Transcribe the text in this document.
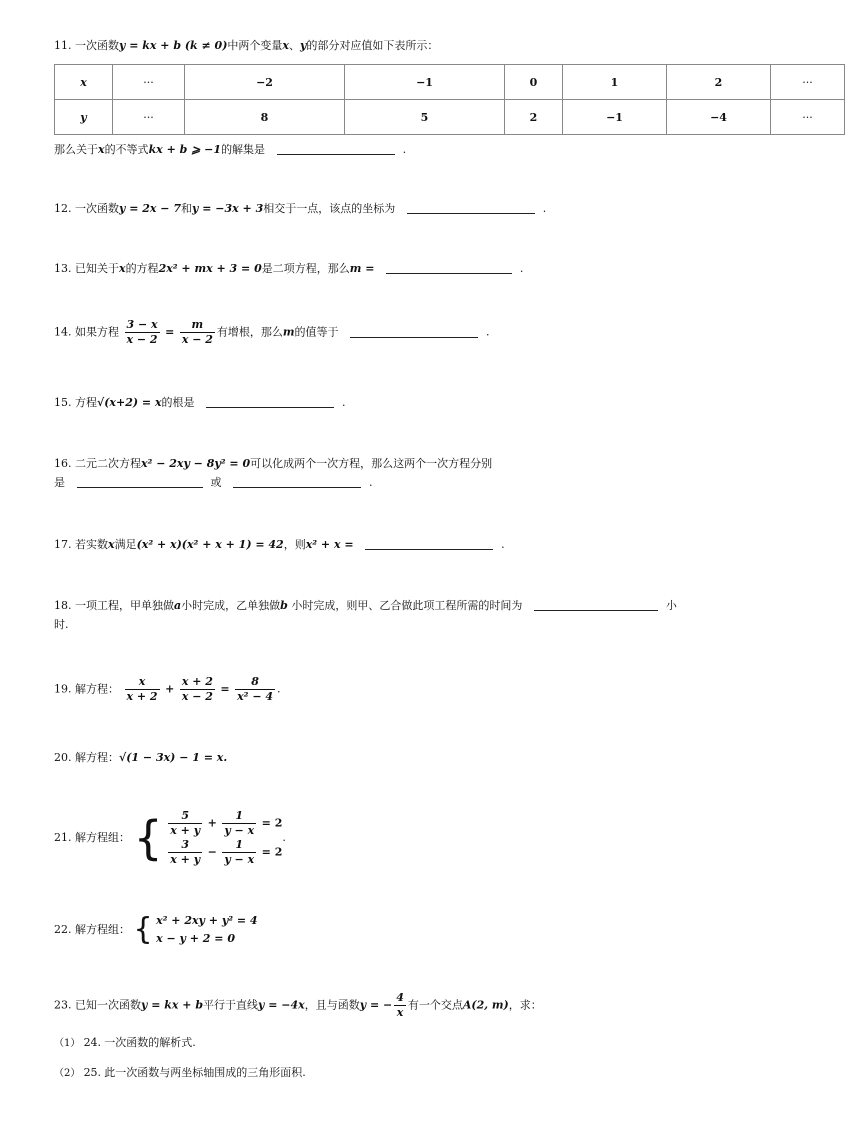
11. 一次函数y = kx + b (k ≠ 0)中两个变量x、y的部分对应值如下表所示：
x	···	−2	−1	0	1	2	···
y	···	8	5	2	−1	−4	···
那么关于x的不等式kx + b ⩾ −1的解集是	.
12. 一次函数y = 2x − 7和y = −3x + 3相交于一点，该点的坐标为	.
13. 已知关于x的方程2x² + mx + 3 = 0是二项方程，那么m =	.
14. 如果方程 $\frac{3 - x}{x - 2} = \frac{m}{x - 2}$ 有增根，那么m的值等于	.
15. 方程√(x+2) = x的根是	.
16. 二元二次方程x² − 2xy − 8y² = 0可以化成两个一次方程，那么这两个一次方程分别
是	或	.
17. 若实数x满足(x² + x)(x² + x + 1) = 42，则x² + x =	.
18. 一项工程，甲单独做a小时完成，乙单独做b 小时完成，则甲、乙合做此项工程所需的时间为	小
时.
19. 解方程： $\frac{x}{x + 2} + \frac{x + 2}{x - 2} = \frac{8}{\text{x² − 4}}$ .
20. 解方程：√(1 − 3x) − 1 = x.
21. 解方程组： { $\frac{5}{x + y} + \frac{1}{y - x} = 2$
$\frac{3}{x + y} - \frac{1}{y - x} = 2$
.
22. 解方程组： { x² + 2xy + y² = 4
x − y + 2 = 0
23. 已知一次函数y = kx + b平行于直线y = −4x，且与函数y = − $\frac{4}{x}$ 有一个交点A(2, m)，求：
（1） 24. 一次函数的解析式.
（2） 25. 此一次函数与两坐标轴围成的三角形面积.
